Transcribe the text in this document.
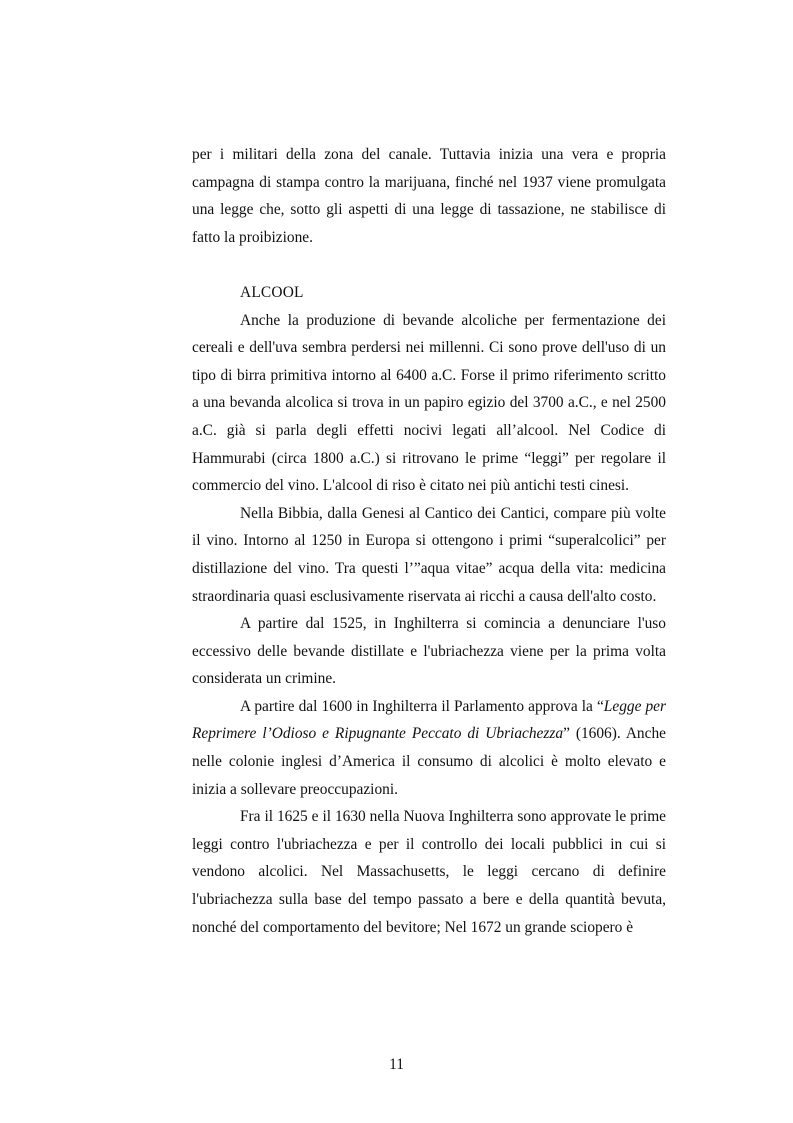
per i militari della zona del canale. Tuttavia inizia una vera e propria campagna di stampa contro la marijuana, finché nel 1937 viene promulgata una legge che, sotto gli aspetti di una legge di tassazione, ne stabilisce di fatto la proibizione.

ALCOOL

Anche la produzione di bevande alcoliche per fermentazione dei cereali e dell'uva sembra perdersi nei millenni. Ci sono prove dell'uso di un tipo di birra primitiva intorno al 6400 a.C. Forse il primo riferimento scritto a una bevanda alcolica si trova in un papiro egizio del 3700 a.C., e nel 2500 a.C. già si parla degli effetti nocivi legati all’alcool. Nel Codice di Hammurabi (circa 1800 a.C.) si ritrovano le prime “leggi” per regolare il commercio del vino. L'alcool di riso è citato nei più antichi testi cinesi.

Nella Bibbia, dalla Genesi al Cantico dei Cantici, compare più volte il vino. Intorno al 1250 in Europa si ottengono i primi “superalcolici” per distillazione del vino. Tra questi l’”aqua vitae” acqua della vita: medicina straordinaria quasi esclusivamente riservata ai ricchi a causa dell'alto costo.

A partire dal 1525, in Inghilterra si comincia a denunciare l'uso eccessivo delle bevande distillate e l'ubriachezza viene per la prima volta considerata un crimine.

A partire dal 1600 in Inghilterra il Parlamento approva la “Legge per Reprimere l’Odioso e Ripugnante Peccato di Ubriachezza” (1606). Anche nelle colonie inglesi d’America il consumo di alcolici è molto elevato e inizia a sollevare preoccupazioni.

Fra il 1625 e il 1630 nella Nuova Inghilterra sono approvate le prime leggi contro l'ubriachezza e per il controllo dei locali pubblici in cui si vendono alcolici. Nel Massachusetts, le leggi cercano di definire l'ubriachezza sulla base del tempo passato a bere e della quantità bevuta, nonché del comportamento del bevitore; Nel 1672 un grande sciopero è

11
